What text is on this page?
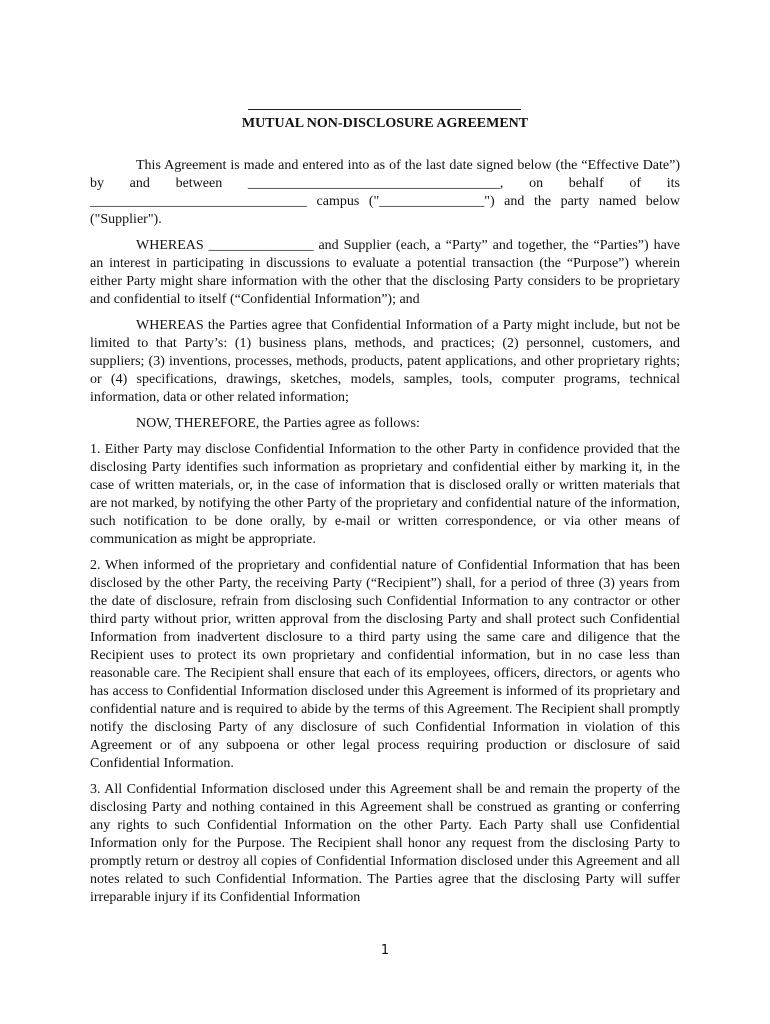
MUTUAL NON-DISCLOSURE AGREEMENT

This Agreement is made and entered into as of the last date signed below (the “Effective Date”) by and between ____________________________________, on behalf of its _______________________________ campus ("_______________") and the party named below ("Supplier").

WHEREAS _______________ and Supplier (each, a “Party” and together, the “Parties”) have an interest in participating in discussions to evaluate a potential transaction (the “Purpose”) wherein either Party might share information with the other that the disclosing Party considers to be proprietary and confidential to itself (“Confidential Information”); and

WHEREAS the Parties agree that Confidential Information of a Party might include, but not be limited to that Party’s: (1) business plans, methods, and practices; (2) personnel, customers, and suppliers; (3) inventions, processes, methods, products, patent applications, and other proprietary rights; or (4) specifications, drawings, sketches, models, samples, tools, computer programs, technical information, data or other related information;

NOW, THEREFORE, the Parties agree as follows:

1. Either Party may disclose Confidential Information to the other Party in confidence provided that the disclosing Party identifies such information as proprietary and confidential either by marking it, in the case of written materials, or, in the case of information that is disclosed orally or written materials that are not marked, by notifying the other Party of the proprietary and confidential nature of the information, such notification to be done orally, by e-mail or written correspondence, or via other means of communication as might be appropriate.

2. When informed of the proprietary and confidential nature of Confidential Information that has been disclosed by the other Party, the receiving Party (“Recipient”) shall, for a period of three (3) years from the date of disclosure, refrain from disclosing such Confidential Information to any contractor or other third party without prior, written approval from the disclosing Party and shall protect such Confidential Information from inadvertent disclosure to a third party using the same care and diligence that the Recipient uses to protect its own proprietary and confidential information, but in no case less than reasonable care. The Recipient shall ensure that each of its employees, officers, directors, or agents who has access to Confidential Information disclosed under this Agreement is informed of its proprietary and confidential nature and is required to abide by the terms of this Agreement. The Recipient shall promptly notify the disclosing Party of any disclosure of such Confidential Information in violation of this Agreement or of any subpoena or other legal process requiring production or disclosure of said Confidential Information.

3. All Confidential Information disclosed under this Agreement shall be and remain the property of the disclosing Party and nothing contained in this Agreement shall be construed as granting or conferring any rights to such Confidential Information on the other Party. Each Party shall use Confidential Information only for the Purpose. The Recipient shall honor any request from the disclosing Party to promptly return or destroy all copies of Confidential Information disclosed under this Agreement and all notes related to such Confidential Information. The Parties agree that the disclosing Party will suffer irreparable injury if its Confidential Information

1
